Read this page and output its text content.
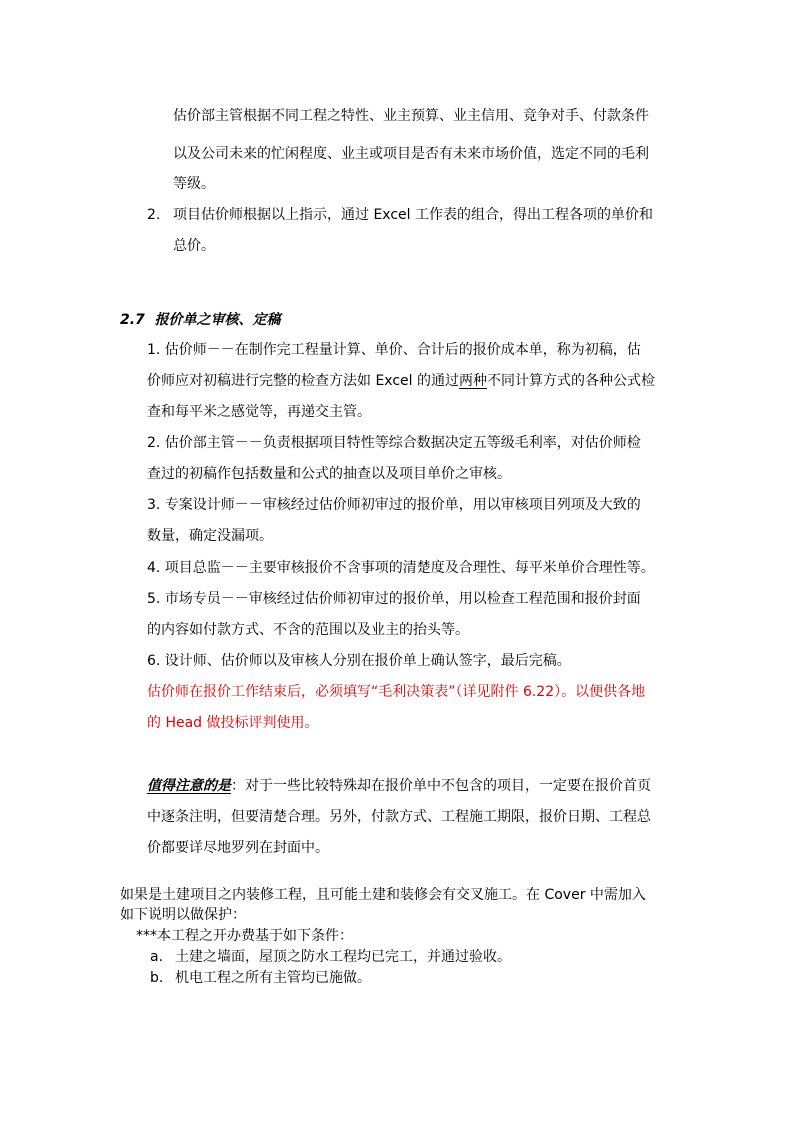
估价部主管根据不同工程之特性、业主预算、业主信用、竞争对手、付款条件
以及公司未来的忙闲程度、业主或项目是否有未来市场价值，选定不同的毛利
等级。
2. 项目估价师根据以上指示，通过 Excel 工作表的组合，得出工程各项的单价和
总价。
2.7 报价单之审核、定稿
1. 估价师－－在制作完工程量计算、单价、合计后的报价成本单，称为初稿，估
价师应对初稿进行完整的检查方法如 Excel 的通过两种不同计算方式的各种公式检
查和每平米之感觉等，再递交主管。
2. 估价部主管－－负责根据项目特性等综合数据决定五等级毛利率，对估价师检
查过的初稿作包括数量和公式的抽查以及项目单价之审核。
3. 专案设计师－－审核经过估价师初审过的报价单，用以审核项目列项及大致的
数量，确定没漏项。
4. 项目总监－－主要审核报价不含事项的清楚度及合理性、每平米单价合理性等。
5. 市场专员－－审核经过估价师初审过的报价单，用以检查工程范围和报价封面
的内容如付款方式、不含的范围以及业主的抬头等。
6. 设计师、估价师以及审核人分别在报价单上确认签字，最后完稿。
估价师在报价工作结束后，必须填写“毛利决策表”（详见附件 6.22）。以便供各地
的 Head 做投标评判使用。
值得注意的是：对于一些比较特殊却在报价单中不包含的项目，一定要在报价首页
中逐条注明，但要清楚合理。另外，付款方式、工程施工期限，报价日期、工程总
价都要详尽地罗列在封面中。
如果是土建项目之内装修工程，且可能土建和装修会有交叉施工。在 Cover 中需加入
如下说明以做保护：
***本工程之开办费基于如下条件：
a. 土建之墙面，屋顶之防水工程均已完工，并通过验收。
b. 机电工程之所有主管均已施做。
